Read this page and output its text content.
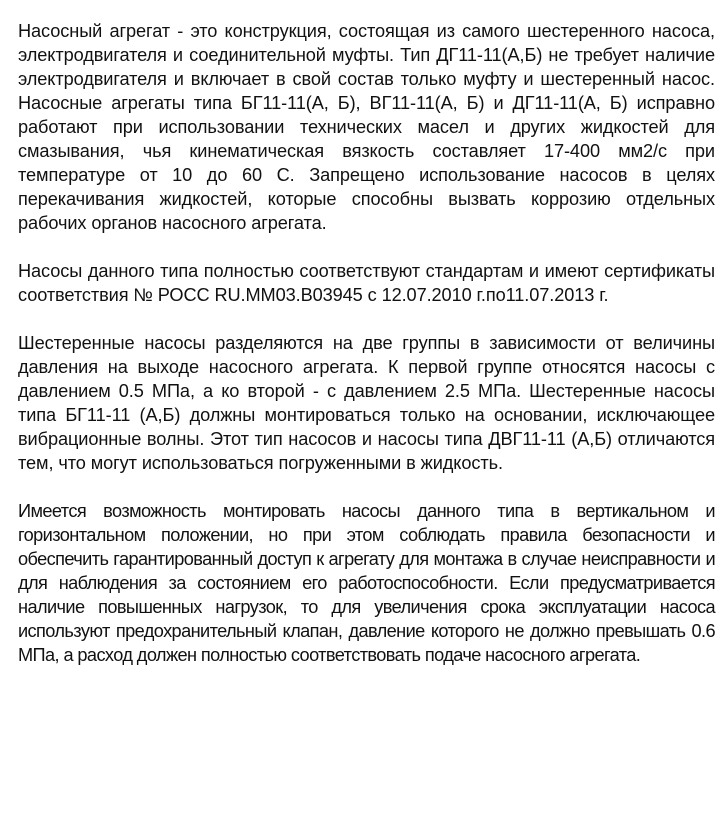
Насосный агрегат - это конструкция, состоящая из самого шестеренного насоса, электродвигателя и соединительной муфты. Тип ДГ11-11(А,Б) не требует наличие электродвигателя и включает в свой состав только муфту и шестеренный насос. Насосные агрегаты типа БГ11-11(А, Б), ВГ11-11(А, Б) и ДГ11-11(А, Б) исправно работают при использовании технических масел и других жидкостей для смазывания, чья кинематическая вязкость составляет 17-400 мм2/с при температуре от 10 до 60 С. Запрещено использование насосов в целях перекачивания жидкостей, которые способны вызвать коррозию отдельных рабочих органов насосного агрегата.

Насосы данного типа полностью соответствуют стандартам и имеют сертификаты соответствия № РОСС RU.ММ03.В03945 с 12.07.2010 г.по11.07.2013 г.

Шестеренные насосы разделяются на две группы в зависимости от величины давления на выходе насосного агрегата. К первой группе относятся насосы с давлением 0.5 МПа, а ко второй - с давлением 2.5 МПа. Шестеренные насосы типа БГ11-11 (А,Б) должны монтироваться только на основании, исключающее вибрационные волны. Этот тип насосов и насосы типа ДВГ11-11 (А,Б) отличаются тем, что могут использоваться погруженными в жидкость.

Имеется возможность монтировать насосы данного типа в вертикальном и горизонтальном положении, но при этом соблюдать правила безопасности и обеспечить гарантированный доступ к агрегату для монтажа в случае неисправности и для наблюдения за состоянием его работоспособности. Если предусматривается наличие повышенных нагрузок, то для увеличения срока эксплуатации насоса используют предохранительный клапан, давление которого не должно превышать 0.6 МПа, а расход должен полностью соответствовать подаче насосного агрегата.
